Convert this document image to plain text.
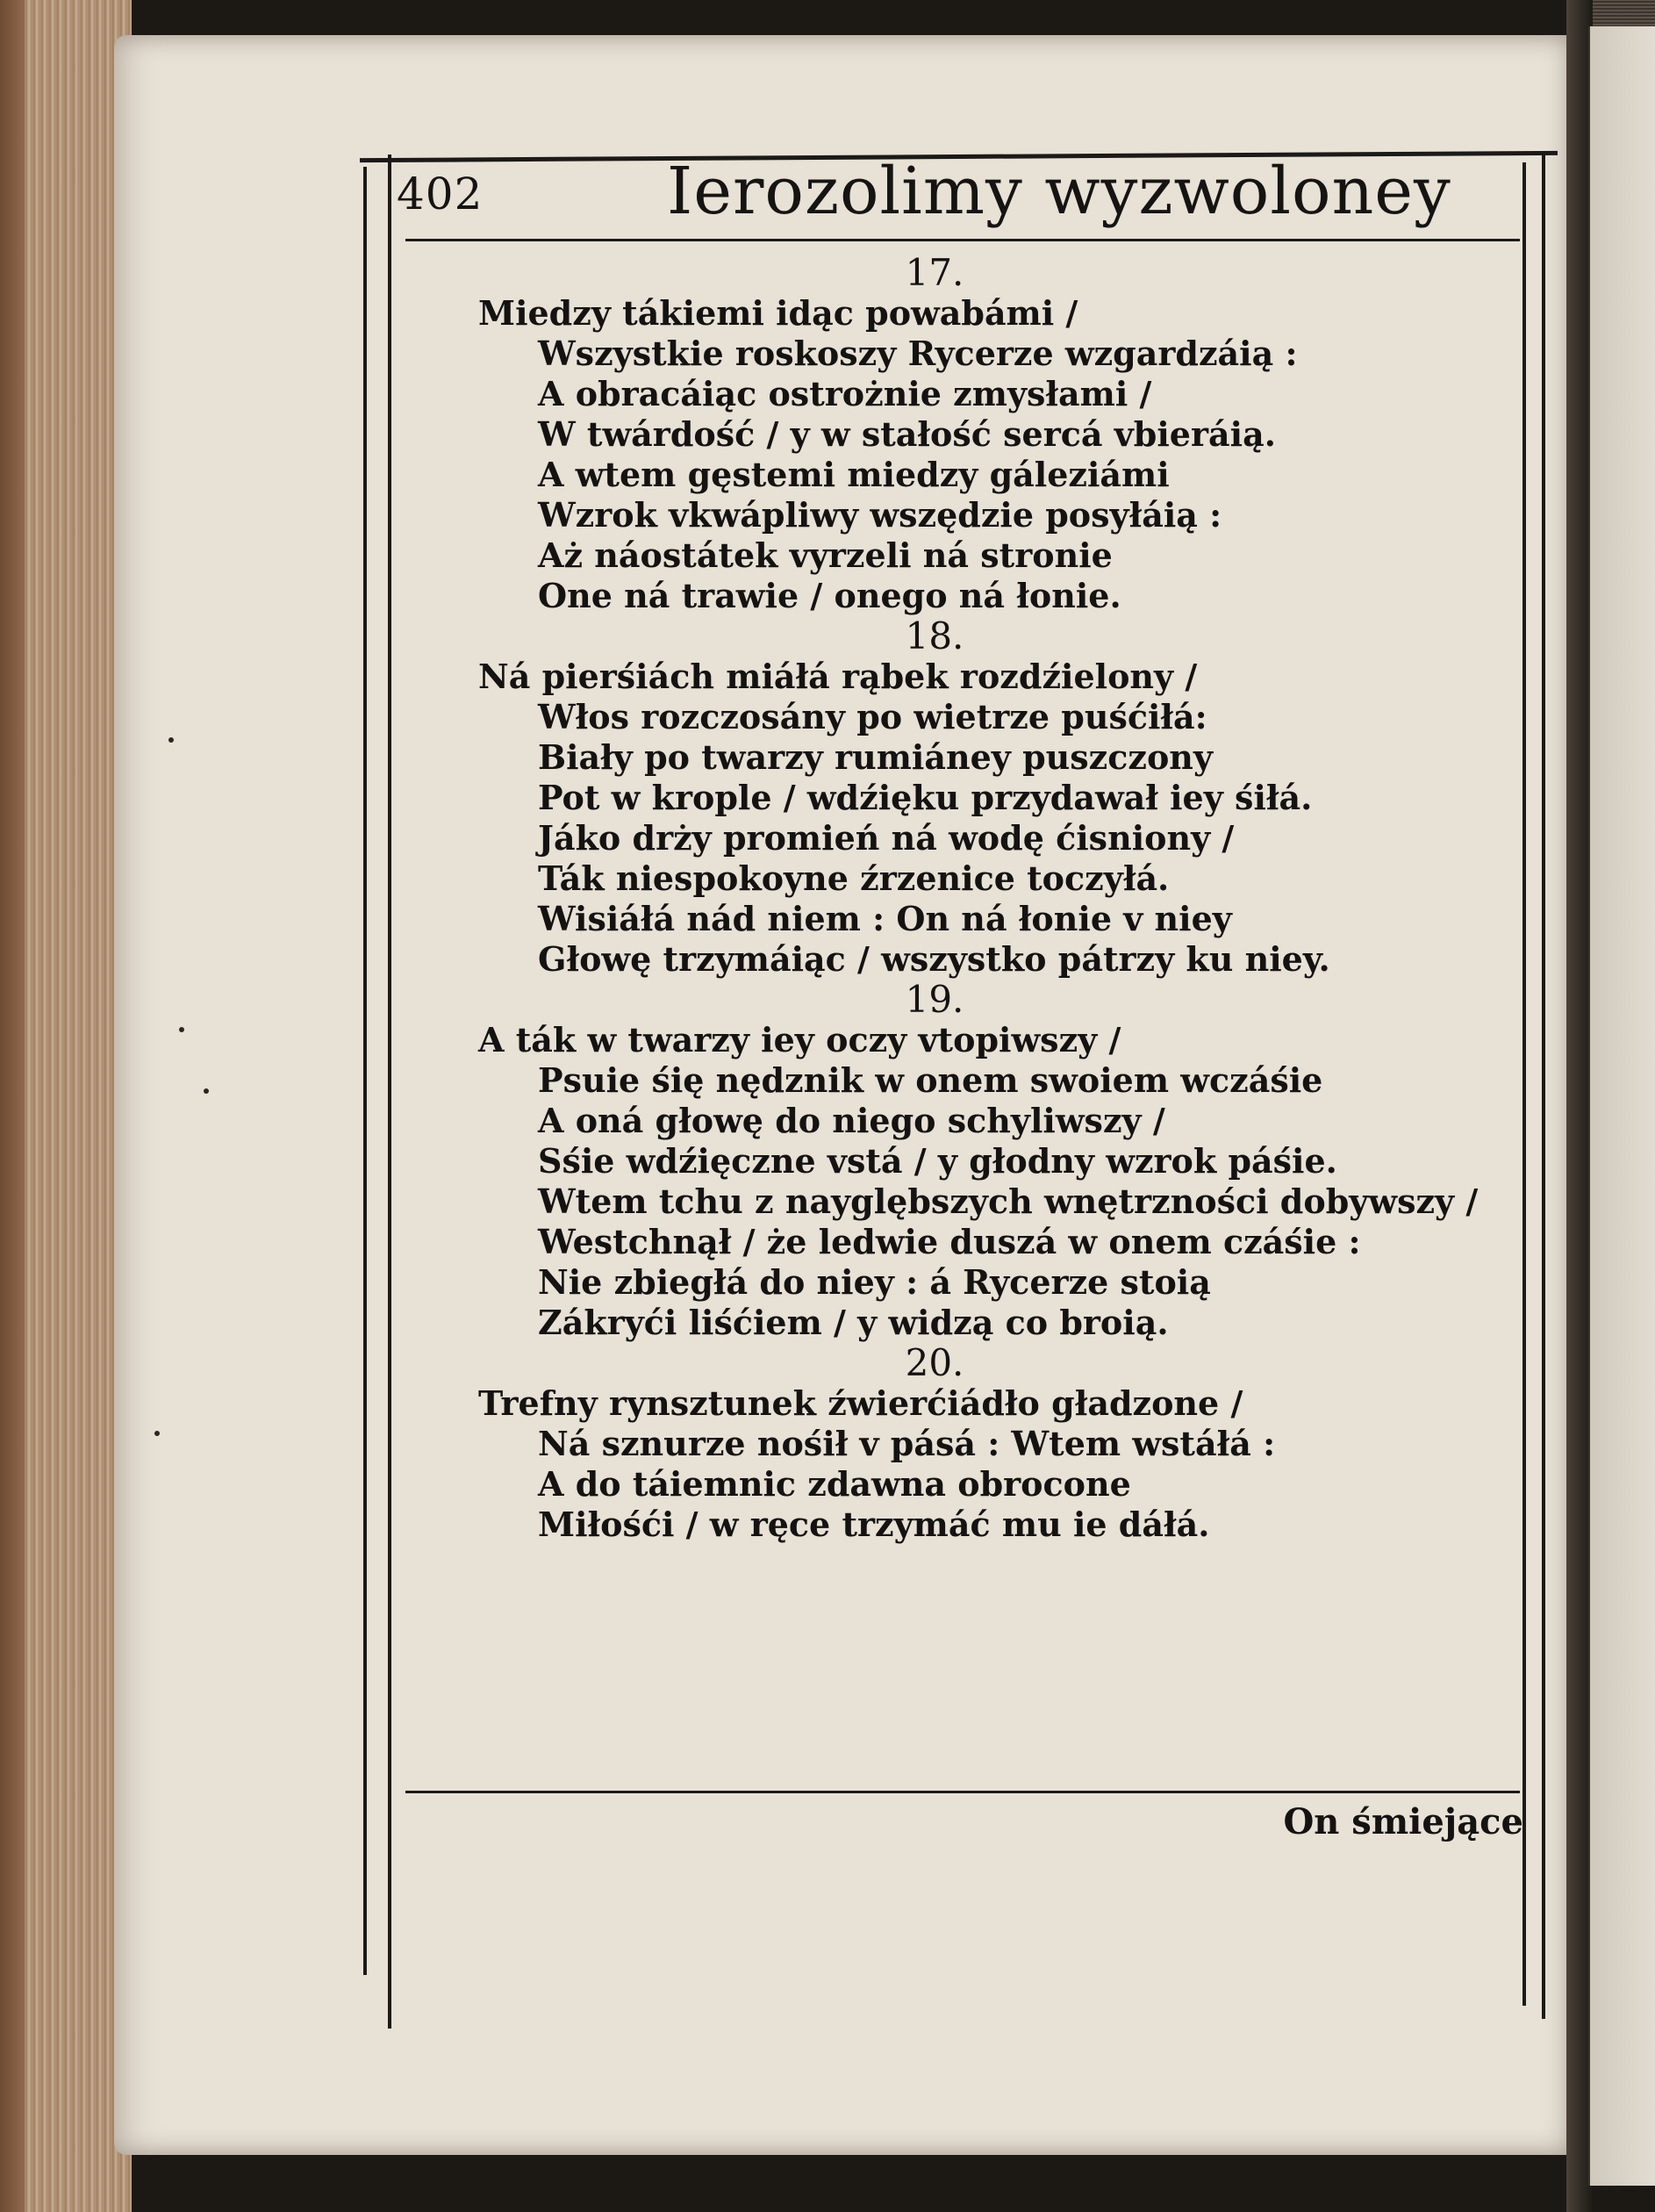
402	Ierozolimy wyzwoloney
17.
Miedzy tákiemi idąc powabámi /
Wszystkie roskoszy Rycerze wzgardzáią :
A obracáiąc ostrożnie zmysłami /
W twárdość / y w stałość sercá vbieráią.
A wtem gęstemi miedzy gáleziámi
Wzrok vkwápliwy wszędzie posyłáią :
Aż náostátek vyrzeli ná stronie
One ná trawie / onego ná łonie.
18.
Ná pierśiách miáłá rąbek rozdźielony /
Włos rozczosány po wietrze puśćiłá:
Biały po twarzy rumiáney puszczony
Pot w krople / wdźięku przydawał iey śiłá.
Jáko drży promień ná wodę ćisniony /
Ták niespokoyne źrzenice toczyłá.
Wisiáłá nád niem : On ná łonie v niey
Głowę trzymáiąc / wszystko pátrzy ku niey.
19.
A ták w twarzy iey oczy vtopiwszy /
Psuie śię nędznik w onem swoiem wczáśie
A oná głowę do niego schyliwszy /
Sśie wdźięczne vstá / y głodny wzrok páśie.
Wtem tchu z nayglębszych wnętrzności dobywszy /
Westchnął / że ledwie duszá w onem czáśie :
Nie zbiegłá do niey : á Rycerze stoią
Zákryći liśćiem / y widzą co broią.
20.
Trefny rynsztunek źwierćiádło gładzone /
Ná sznurze nośił v pásá : Wtem wstáłá :
A do táiemnic zdawna obrocone
Miłośći / w ręce trzymáć mu ie dáłá.

On śmiejące
